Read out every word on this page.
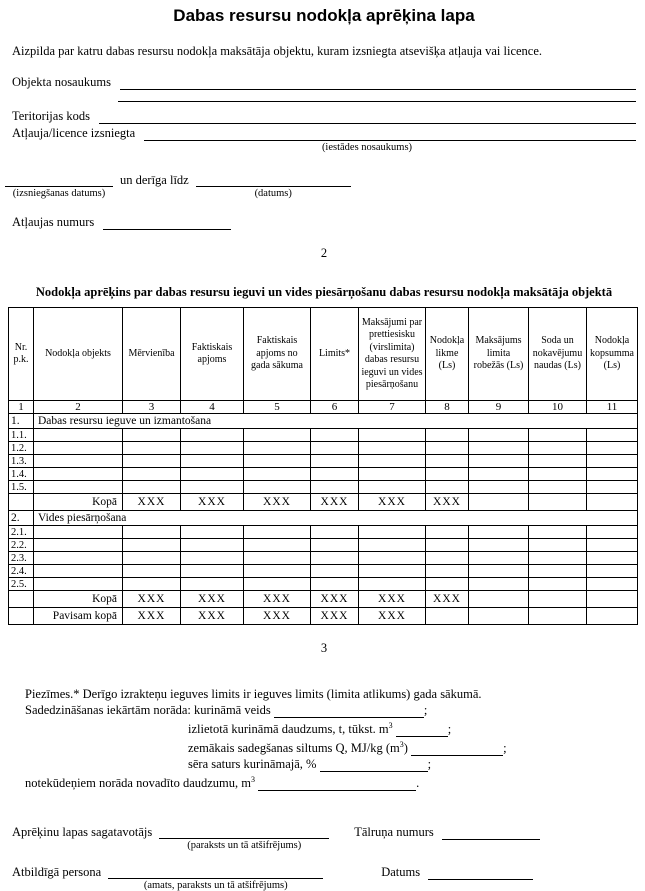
Dabas resursu nodokļa aprēķina lapa
Aizpilda par katru dabas resursu nodokļa maksātāja objektu, kuram izsniegta atsevišķa atļauja vai licence.
Objekta nosaukums
Teritorijas kods
Atļauja/licence izsniegta
(iestādes nosaukums)
(izsniegšanas datums)
un derīga līdz
(datums)
Atļaujas numurs
2
Nodokļa aprēķins par dabas resursu ieguvi un vides piesārņošanu dabas resursu nodokļa maksātāja objektā
Nr. p.k.	Nodokļa objekts	Mērvienība	Faktiskais apjoms	Faktiskais apjoms no gada sākuma	Limits*	Maksājumi par prettiesisku (virslimita) dabas resursu ieguvi un vides piesārņošanu	Nodokļa likme (Ls)	Maksājums limita robežās (Ls)	Soda un nokavējumu naudas (Ls)	Nodokļa kopsumma (Ls)
1	2	3	4	5	6	7	8	9	10	11
1.	Dabas resursu ieguve un izmantošana									
1.1.										
1.2.										
1.3.										
1.4.										
1.5.										
	Kopā	XXX	XXX	XXX	XXX	XXX	XXX			
2.	Vides piesārņošana									
2.1.										
2.2.										
2.3.										
2.4.										
2.5.										
	Kopā	XXX	XXX	XXX	XXX	XXX	XXX			
	Pavisam kopā	XXX	XXX	XXX	XXX	XXX				
3
Piezīmes.* Derīgo izrakteņu ieguves limits ir ieguves limits (limita atlikums) gada sākumā.
Sadedzināšanas iekārtām norāda: kurināmā veids
	;
izlietotā kurināmā daudzums, t, tūkst. $m^3$
	;
zemākais sadegšanas siltums Q, MJ/kg $(m^3)$
	;
sēra saturs kurināmajā, %
	;
notekūdeņiem norāda novadīto daudzumu, $m^3$
	.
Aprēķinu lapas sagatavotājs
(paraksts un tā atšifrējums)
Tālruņa numurs
Atbildīgā persona
(amats, paraksts un tā atšifrējums)
Datums
